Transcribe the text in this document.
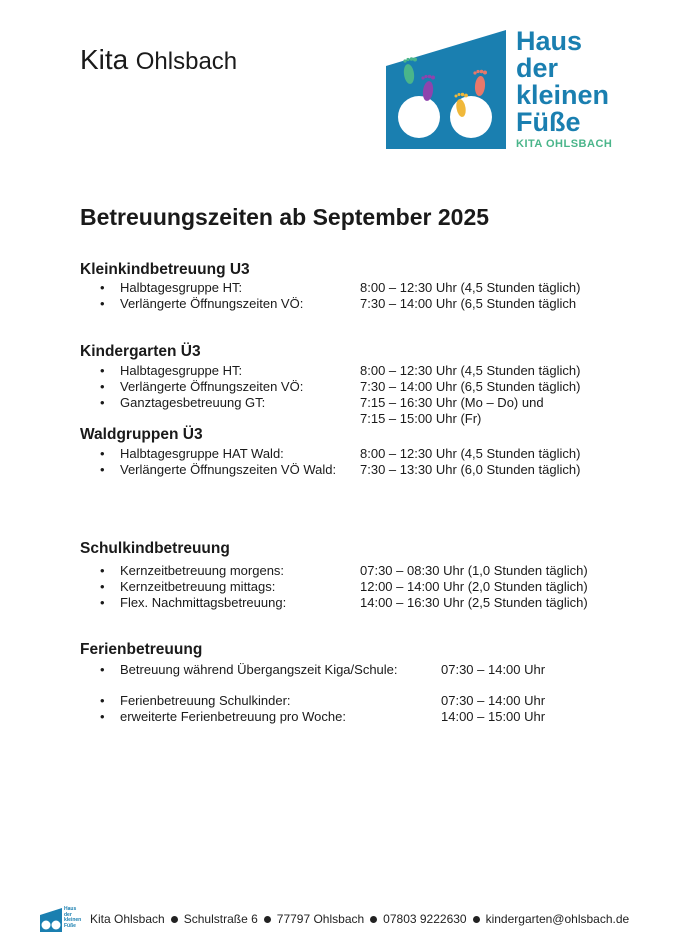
Kita Ohlsbach
Haus
der
kleinen
Füße
KITA OHLSBACH
Betreuungszeiten ab September 2025
Kleinkindbetreuung U3
• Halbtagesgruppe HT:	8:00 – 12:30 Uhr (4,5 Stunden täglich)
• Verlängerte Öffnungszeiten VÖ:	7:30 – 14:00 Uhr (6,5 Stunden täglich
Kindergarten Ü3
• Halbtagesgruppe HT:	8:00 – 12:30 Uhr (4,5 Stunden täglich)
• Verlängerte Öffnungszeiten VÖ:	7:30 – 14:00 Uhr (6,5 Stunden täglich)
• Ganztagesbetreuung GT:	7:15 – 16:30 Uhr (Mo – Do) und
7:15 – 15:00 Uhr (Fr)
Waldgruppen Ü3
• Halbtagesgruppe HAT Wald:	8:00 – 12:30 Uhr (4,5 Stunden täglich)
• Verlängerte Öffnungszeiten VÖ Wald: 7:30 – 13:30 Uhr (6,0 Stunden täglich)
Schulkindbetreuung
• Kernzeitbetreuung morgens:	07:30 – 08:30 Uhr (1,0 Stunden täglich)
• Kernzeitbetreuung mittags:	12:00 – 14:00 Uhr (2,0 Stunden täglich)
• Flex. Nachmittagsbetreuung:	14:00 – 16:30 Uhr (2,5 Stunden täglich)
Ferienbetreuung
• Betreuung während Übergangszeit Kiga/Schule:	07:30 – 14:00 Uhr
• Ferienbetreuung Schulkinder:	07:30 – 14:00 Uhr
• erweiterte Ferienbetreuung pro Woche:	14:00 – 15:00 Uhr
Haus
der
kleinen
Füße	Kita Ohlsbach Schulstraße 6 77797 Ohlsbach 07803 9222630 kindergarten@ohlsbach.de
